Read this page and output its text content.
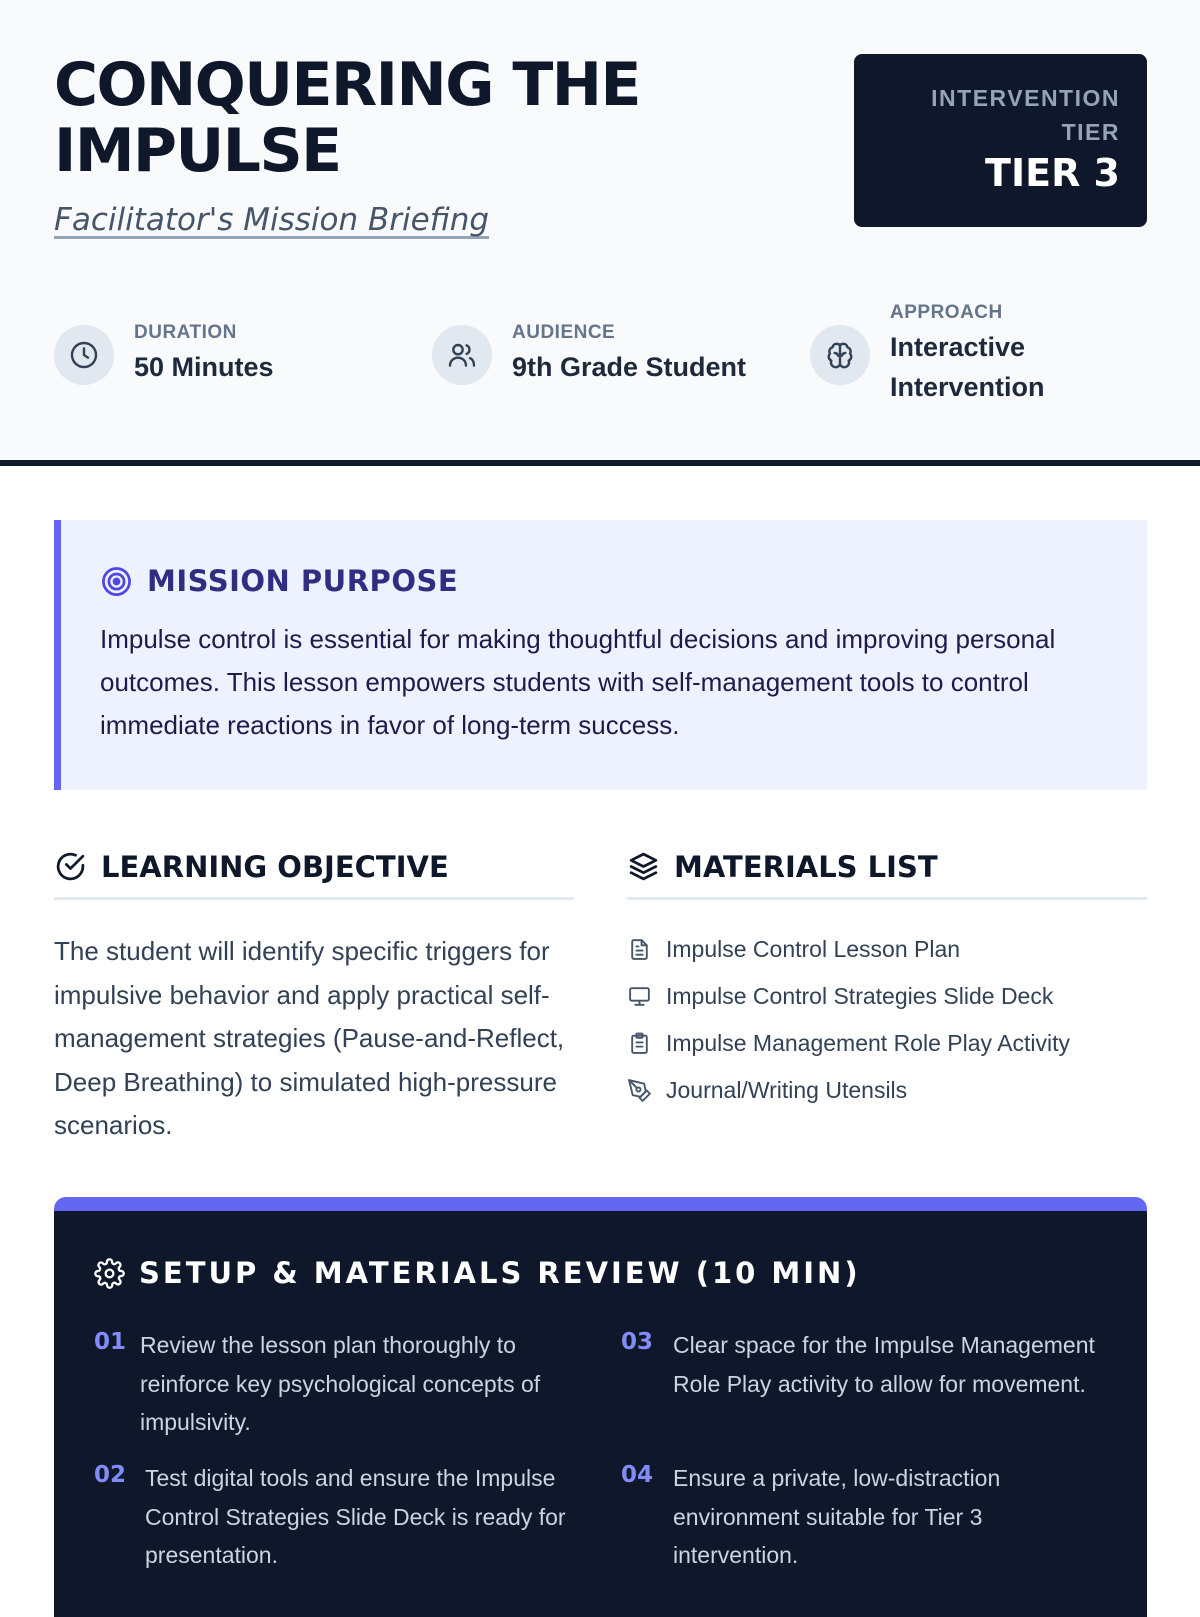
CONQUERING THE IMPULSE
Facilitator's Mission Briefing
INTERVENTION TIER
TIER 3
DURATION
50 Minutes
AUDIENCE
9th Grade Student
APPROACH
Interactive Intervention
MISSION PURPOSE

Impulse control is essential for making thoughtful decisions and improving personal outcomes. This lesson empowers students with self-management tools to control immediate reactions in favor of long-term success.

LEARNING OBJECTIVE

The student will identify specific triggers for impulsive behavior and apply practical self-management strategies (Pause-and-Reflect, Deep Breathing) to simulated high-pressure scenarios.

MATERIALS LIST
Impulse Control Lesson Plan
Impulse Control Strategies Slide Deck
Impulse Management Role Play Activity
Journal/Writing Utensils
SETUP & MATERIALS REVIEW (10 MIN)
01 Review the lesson plan thoroughly to reinforce key psychological concepts of impulsivity.

02 Test digital tools and ensure the Impulse Control Strategies Slide Deck is ready for presentation.

03 Clear space for the Impulse Management Role Play activity to allow for movement.

04 Ensure a private, low-distraction environment suitable for Tier 3 intervention.
